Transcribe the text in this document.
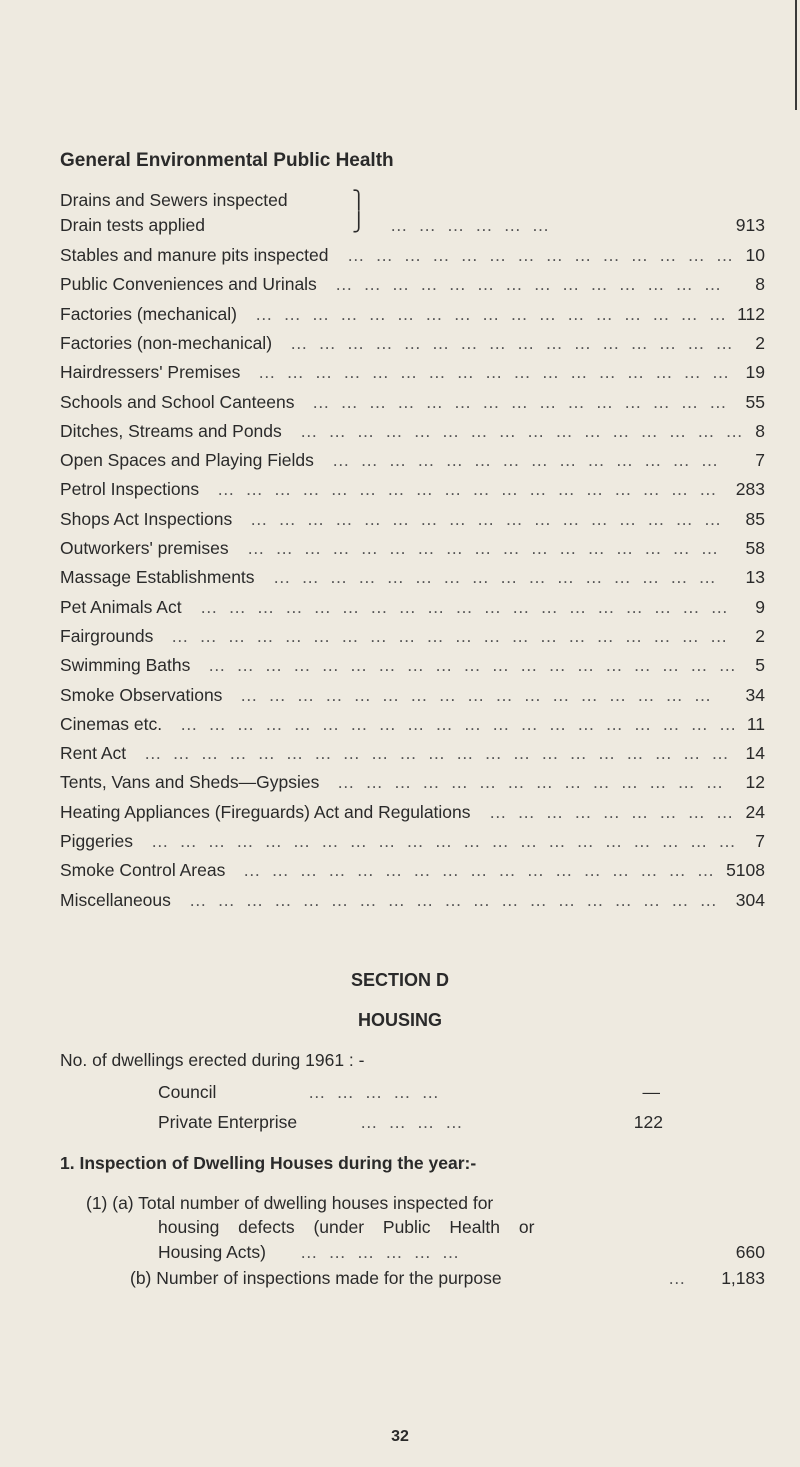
General Environmental Public Health
Drains and Sewers inspected
Drain tests applied
⎫
⎭ … … … … … …	913
Stables and manure pits inspected … … … … … … … … … … … … … … 10
Public Conveniences and Urinals … … … … … … … … … … … … … … 8
Factories (mechanical) … … … … … … … … … … … … … … … … … 112
Factories (non-mechanical) … … … … … … … … … … … … … … … … 2
Hairdressers' Premises … … … … … … … … … … … … … … … … … 19
Schools and School Canteens … … … … … … … … … … … … … … … 55
Ditches, Streams and Ponds … … … … … … … … … … … … … … … … 8
Open Spaces and Playing Fields … … … … … … … … … … … … … … 7
Petrol Inspections … … … … … … … … … … … … … … … … … … 283
Shops Act Inspections … … … … … … … … … … … … … … … … … 85
Outworkers' premises … … … … … … … … … … … … … … … … … 58
Massage Establishments … … … … … … … … … … … … … … … … 13
Pet Animals Act … … … … … … … … … … … … … … … … … … … 9
Fairgrounds … … … … … … … … … … … … … … … … … … … … 2
Swimming Baths … … … … … … … … … … … … … … … … … … … 5
Smoke Observations … … … … … … … … … … … … … … … … … 34
Cinemas etc. … … … … … … … … … … … … … … … … … … … … 11
Rent Act … … … … … … … … … … … … … … … … … … … … … 14
Tents, Vans and Sheds—Gypsies … … … … … … … … … … … … … … 12
Heating Appliances (Fireguards) Act and Regulations … … … … … … … … … 24
Piggeries … … … … … … … … … … … … … … … … … … … … … 7
Smoke Control Areas … … … … … … … … … … … … … … … … … 5108
Miscellaneous … … … … … … … … … … … … … … … … … … … 304
SECTION D
HOUSING
No. of dwellings erected during 1961 : -
Council	… … … … …	—
Private Enterprise	… … … …	122
1. Inspection of Dwelling Houses during the year:-
(1) (a) Total number of dwelling houses inspected for
housing defects (under Public Health or
Housing Acts) … … … … … …	660
(b) Number of inspections made for the purpose	…	1,183
32
